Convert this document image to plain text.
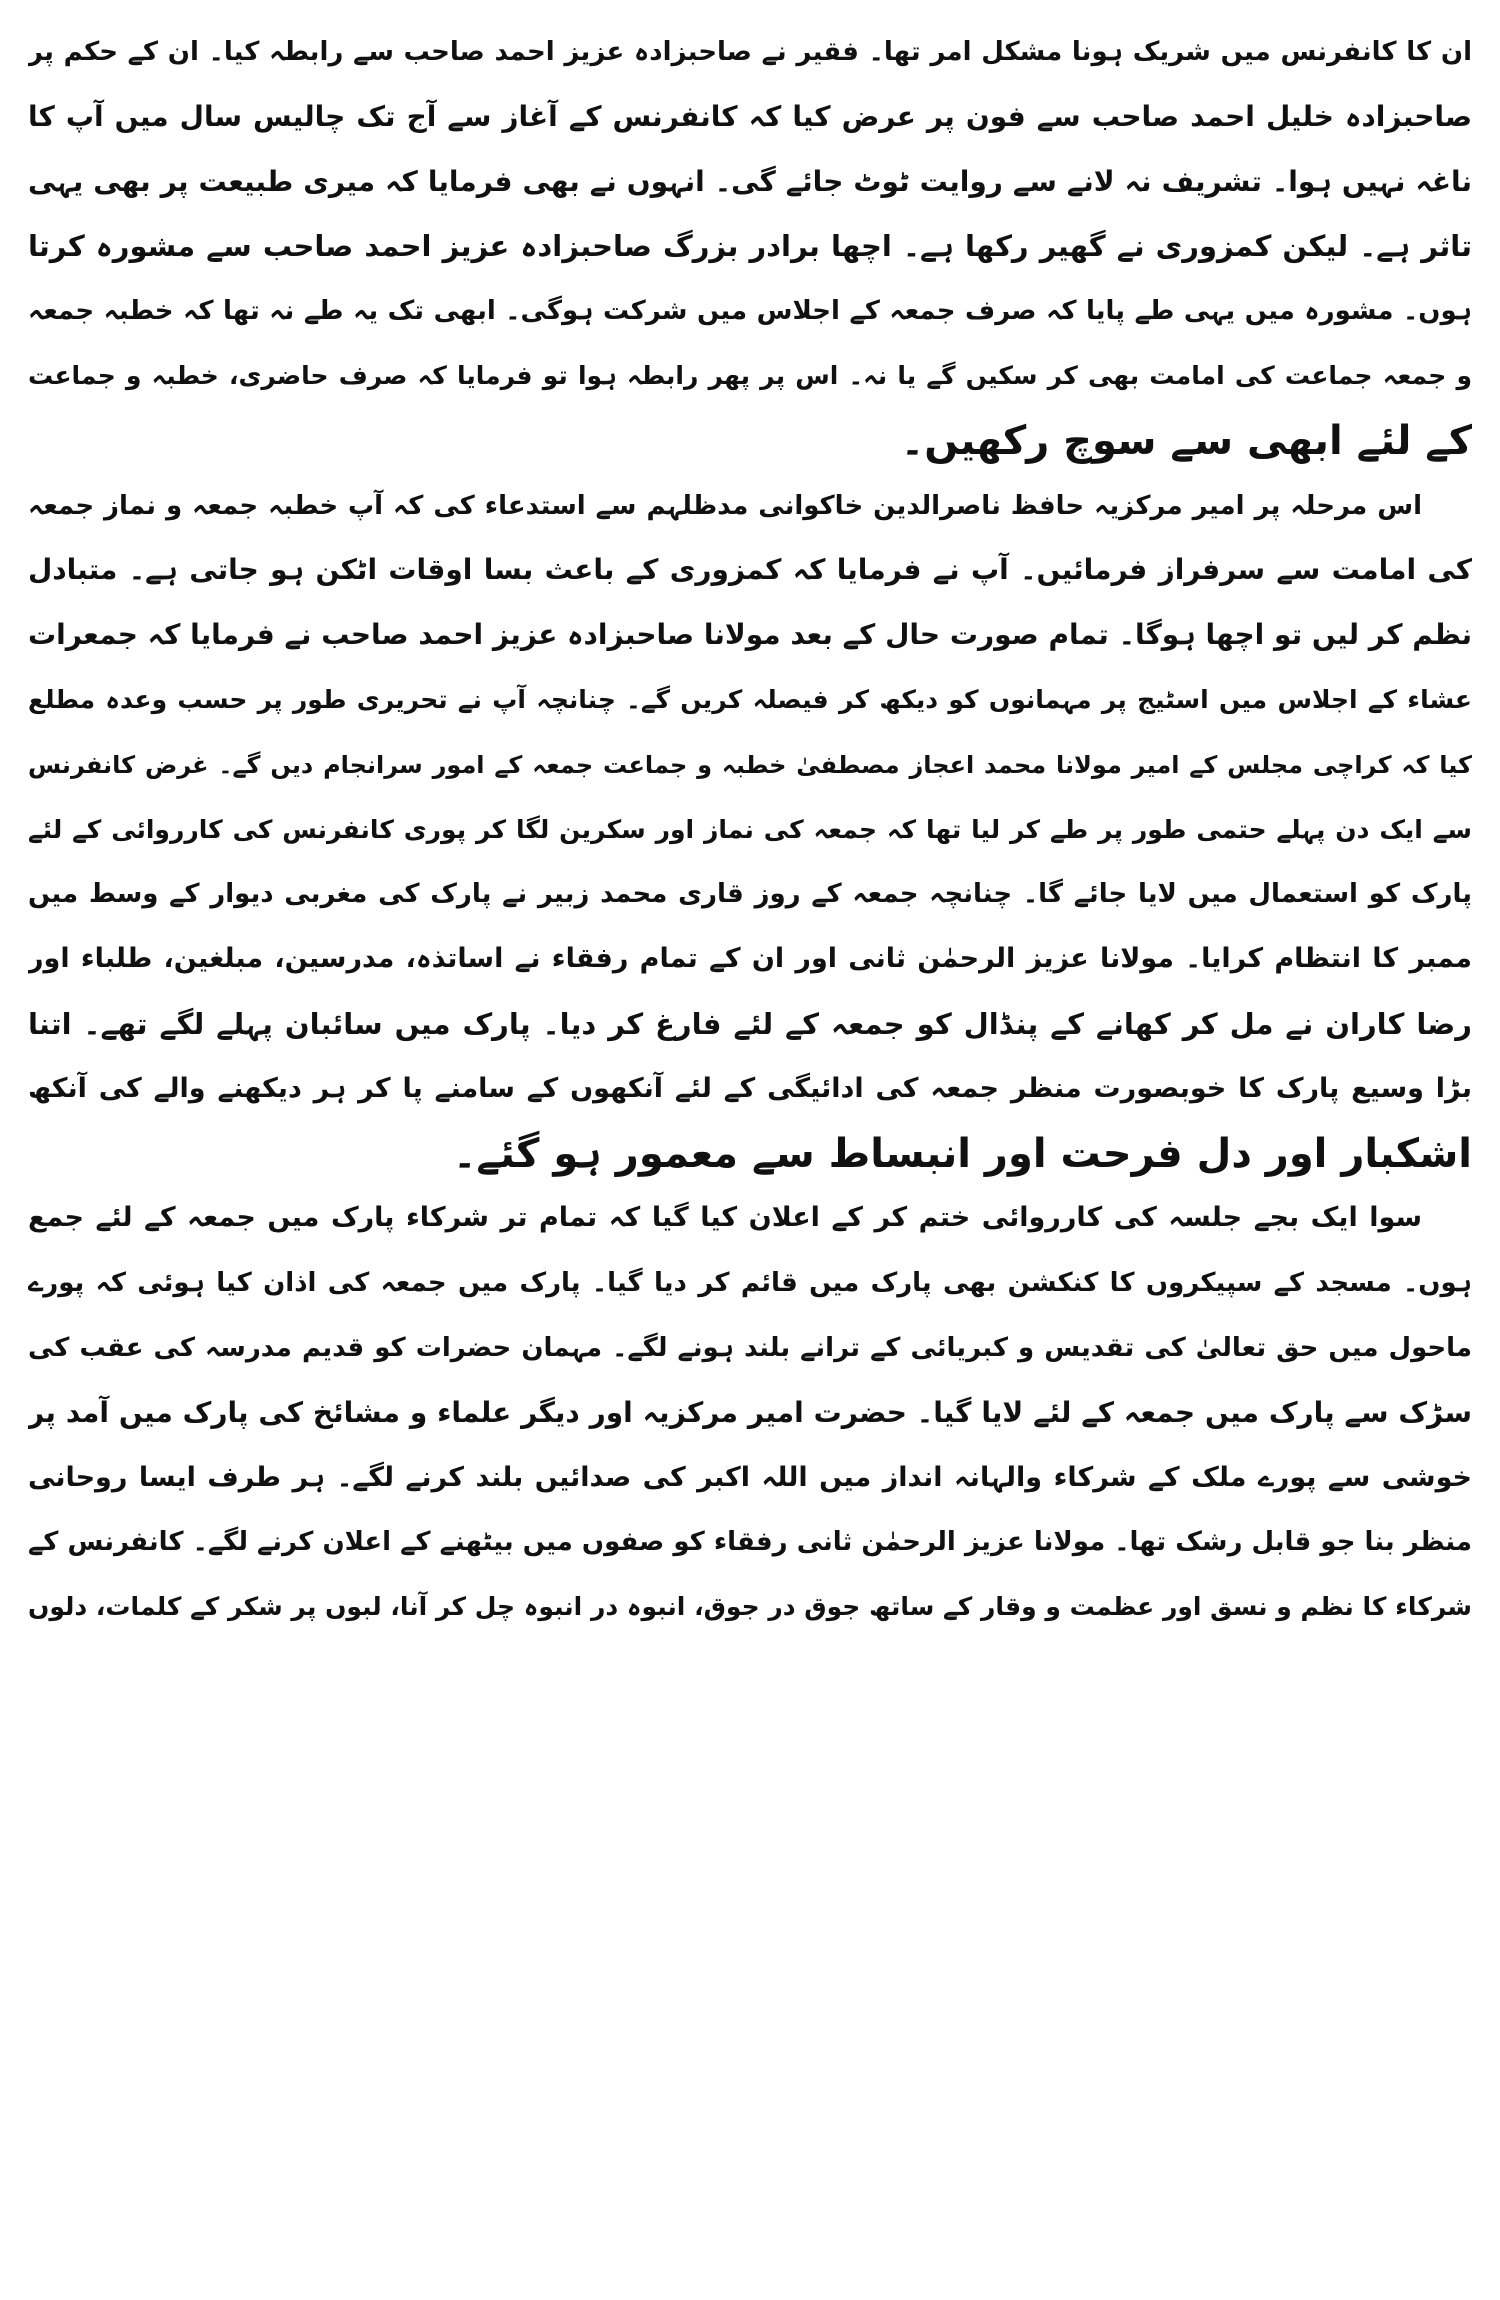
ان کا کانفرنس میں شریک ہونا مشکل امر تھا۔ فقیر نے صاحبزادہ عزیز احمد صاحب سے رابطہ کیا۔ ان کے حکم پر
صاحبزادہ خلیل احمد صاحب سے فون پر عرض کیا کہ کانفرنس کے آغاز سے آج تک چالیس سال میں آپ کا
ناغہ نہیں ہوا۔ تشریف نہ لانے سے روایت ٹوٹ جائے گی۔ انہوں نے بھی فرمایا کہ میری طبیعت پر بھی یہی
تاثر ہے۔ لیکن کمزوری نے گھیر رکھا ہے۔ اچھا برادر بزرگ صاحبزادہ عزیز احمد صاحب سے مشورہ کرتا
ہوں۔ مشورہ میں یہی طے پایا کہ صرف جمعہ کے اجلاس میں شرکت ہوگی۔ ابھی تک یہ طے نہ تھا کہ خطبہ جمعہ
و جمعہ جماعت کی امامت بھی کر سکیں گے یا نہ۔ اس پر پھر رابطہ ہوا تو فرمایا کہ صرف حاضری، خطبہ و جماعت
کے لئے ابھی سے سوچ رکھیں۔
اس مرحلہ پر امیر مرکزیہ حافظ ناصرالدین خاکوانی مدظلہم سے استدعاء کی کہ آپ خطبہ جمعہ و نماز جمعہ
کی امامت سے سرفراز فرمائیں۔ آپ نے فرمایا کہ کمزوری کے باعث بسا اوقات اٹکن ہو جاتی ہے۔ متبادل
نظم کر لیں تو اچھا ہوگا۔ تمام صورت حال کے بعد مولانا صاحبزادہ عزیز احمد صاحب نے فرمایا کہ جمعرات
عشاء کے اجلاس میں اسٹیج پر مہمانوں کو دیکھ کر فیصلہ کریں گے۔ چنانچہ آپ نے تحریری طور پر حسب وعدہ مطلع
کیا کہ کراچی مجلس کے امیر مولانا محمد اعجاز مصطفیٰ خطبہ و جماعت جمعہ کے امور سرانجام دیں گے۔ غرض کانفرنس
سے ایک دن پہلے حتمی طور پر طے کر لیا تھا کہ جمعہ کی نماز اور سکرین لگا کر پوری کانفرنس کی کارروائی کے لئے
پارک کو استعمال میں لایا جائے گا۔ چنانچہ جمعہ کے روز قاری محمد زبیر نے پارک کی مغربی دیوار کے وسط میں
ممبر کا انتظام کرایا۔ مولانا عزیز الرحمٰن ثانی اور ان کے تمام رفقاء نے اساتذہ، مدرسین، مبلغین، طلباء اور
رضا کاران نے مل کر کھانے کے پنڈال کو جمعہ کے لئے فارغ کر دیا۔ پارک میں سائبان پہلے لگے تھے۔ اتنا
بڑا وسیع پارک کا خوبصورت منظر جمعہ کی ادائیگی کے لئے آنکھوں کے سامنے پا کر ہر دیکھنے والے کی آنکھ
اشکبار اور دل فرحت اور انبساط سے معمور ہو گئے۔
سوا ایک بجے جلسہ کی کارروائی ختم کر کے اعلان کیا گیا کہ تمام تر شرکاء پارک میں جمعہ کے لئے جمع
ہوں۔ مسجد کے سپیکروں کا کنکشن بھی پارک میں قائم کر دیا گیا۔ پارک میں جمعہ کی اذان کیا ہوئی کہ پورے
ماحول میں حق تعالیٰ کی تقدیس و کبریائی کے ترانے بلند ہونے لگے۔ مہمان حضرات کو قدیم مدرسہ کی عقب کی
سڑک سے پارک میں جمعہ کے لئے لایا گیا۔ حضرت امیر مرکزیہ اور دیگر علماء و مشائخ کی پارک میں آمد پر
خوشی سے پورے ملک کے شرکاء والہانہ انداز میں اللہ اکبر کی صدائیں بلند کرنے لگے۔ ہر طرف ایسا روحانی
منظر بنا جو قابل رشک تھا۔ مولانا عزیز الرحمٰن ثانی رفقاء کو صفوں میں بیٹھنے کے اعلان کرنے لگے۔ کانفرنس کے
شرکاء کا نظم و نسق اور عظمت و وقار کے ساتھ جوق در جوق، انبوہ در انبوہ چل کر آنا، لبوں پر شکر کے کلمات، دلوں
